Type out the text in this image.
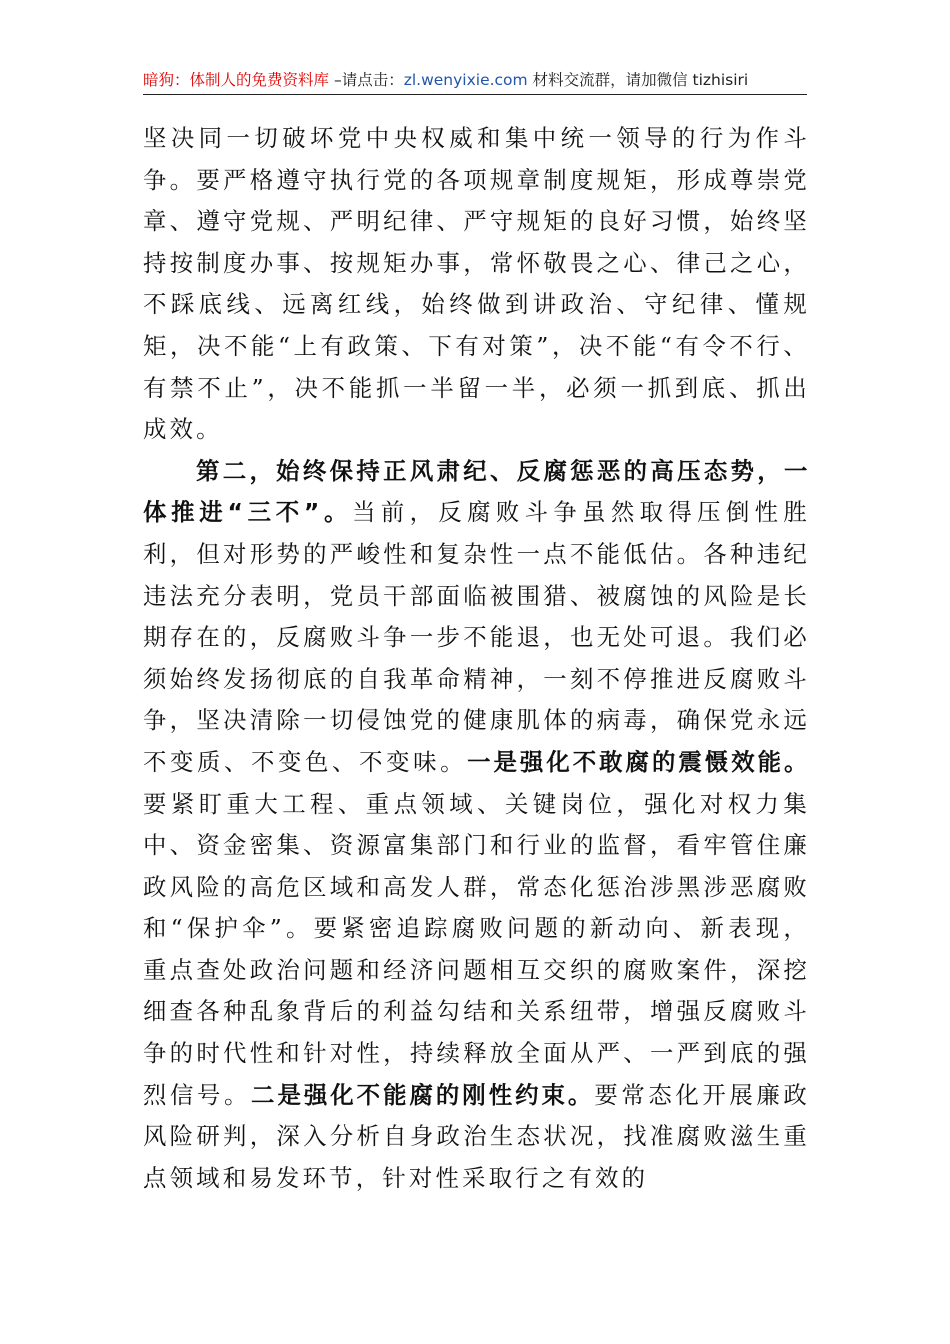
暗狗：体制人的免费资料库 –请点击：zl.wenyixie.com 材料交流群，请加微信 tizhisiri

坚决同一切破坏党中央权威和集中统一领导的行为作斗争。要严格遵守执行党的各项规章制度规矩，形成尊崇党章、遵守党规、严明纪律、严守规矩的良好习惯，始终坚持按制度办事、按规矩办事，常怀敬畏之心、律己之心，不踩底线、远离红线，始终做到讲政治、守纪律、懂规矩，决不能“上有政策、下有对策”，决不能“有令不行、有禁不止”，决不能抓一半留一半，必须一抓到底、抓出成效。

第二，始终保持正风肃纪、反腐惩恶的高压态势，一体推进“三不”。当前，反腐败斗争虽然取得压倒性胜利，但对形势的严峻性和复杂性一点不能低估。各种违纪违法充分表明，党员干部面临被围猎、被腐蚀的风险是长期存在的，反腐败斗争一步不能退，也无处可退。我们必须始终发扬彻底的自我革命精神，一刻不停推进反腐败斗争，坚决清除一切侵蚀党的健康肌体的病毒，确保党永远不变质、不变色、不变味。一是强化不敢腐的震慑效能。要紧盯重大工程、重点领域、关键岗位，强化对权力集中、资金密集、资源富集部门和行业的监督，看牢管住廉政风险的高危区域和高发人群，常态化惩治涉黑涉恶腐败和“保护伞”。要紧密追踪腐败问题的新动向、新表现，重点查处政治问题和经济问题相互交织的腐败案件，深挖细查各种乱象背后的利益勾结和关系纽带，增强反腐败斗争的时代性和针对性，持续释放全面从严、一严到底的强烈信号。二是强化不能腐的刚性约束。要常态化开展廉政风险研判，深入分析自身政治生态状况，找准腐败滋生重点领域和易发环节，针对性采取行之有效的
